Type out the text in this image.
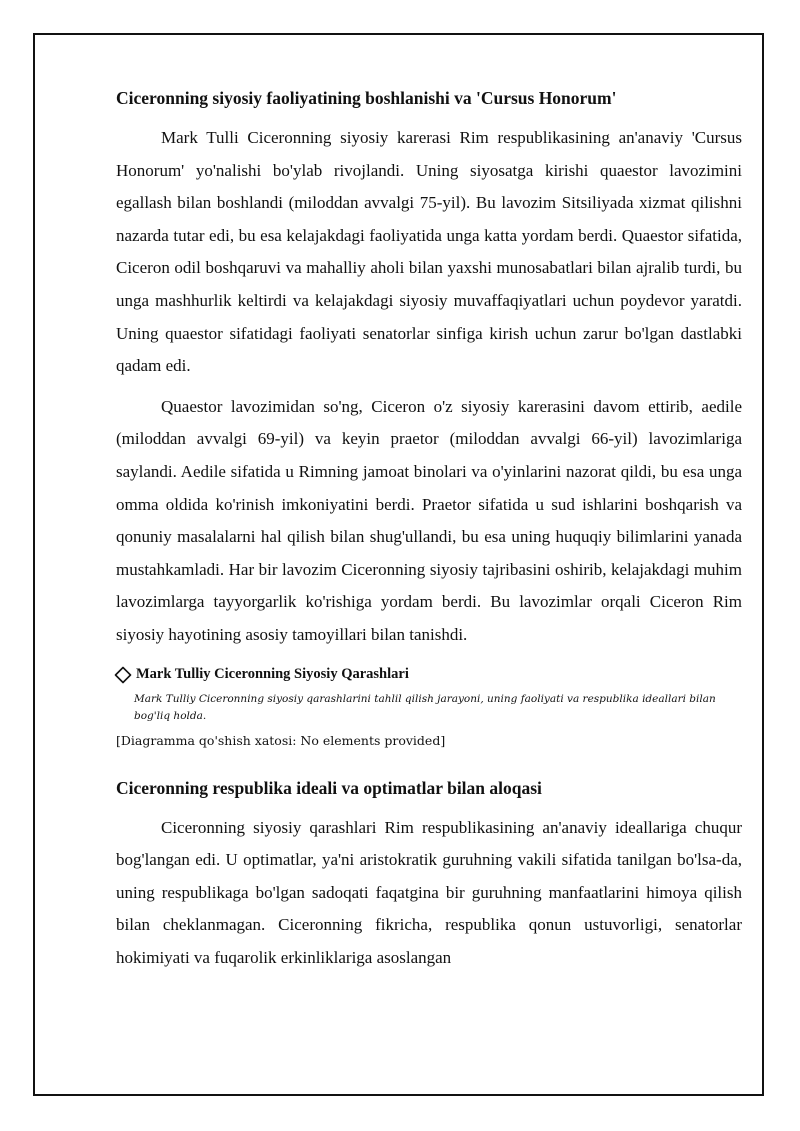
Ciceronning siyosiy faoliyatining boshlanishi va 'Cursus Honorum'

Mark Tulli Ciceronning siyosiy karerasi Rim respublikasining an'anaviy 'Cursus Honorum' yo'nalishi bo'ylab rivojlandi. Uning siyosatga kirishi quaestor lavozimini egallash bilan boshlandi (miloddan avvalgi 75-yil). Bu lavozim Sitsiliyada xizmat qilishni nazarda tutar edi, bu esa kelajakdagi faoliyatida unga katta yordam berdi. Quaestor sifatida, Ciceron odil boshqaruvi va mahalliy aholi bilan yaxshi munosabatlari bilan ajralib turdi, bu unga mashhurlik keltirdi va kelajakdagi siyosiy muvaffaqiyatlari uchun poydevor yaratdi. Uning quaestor sifatidagi faoliyati senatorlar sinfiga kirish uchun zarur bo'lgan dastlabki qadam edi.

Quaestor lavozimidan so'ng, Ciceron o'z siyosiy karerasini davom ettirib, aedile (miloddan avvalgi 69-yil) va keyin praetor (miloddan avvalgi 66-yil) lavozimlariga saylandi. Aedile sifatida u Rimning jamoat binolari va o'yinlarini nazorat qildi, bu esa unga omma oldida ko'rinish imkoniyatini berdi. Praetor sifatida u sud ishlarini boshqarish va qonuniy masalalarni hal qilish bilan shug'ullandi, bu esa uning huquqiy bilimlarini yanada mustahkamladi. Har bir lavozim Ciceronning siyosiy tajribasini oshirib, kelajakdagi muhim lavozimlarga tayyorgarlik ko'rishiga yordam berdi. Bu lavozimlar orqali Ciceron Rim siyosiy hayotining asosiy tamoyillari bilan tanishdi.

Mark Tulliy Ciceronning Siyosiy Qarashlari
Mark Tulliy Ciceronning siyosiy qarashlarini tahlil qilish jarayoni, uning faoliyati va respublika ideallari bilan bog'liq holda.
[Diagramma qo'shish xatosi: No elements provided]
Ciceronning respublika ideali va optimatlar bilan aloqasi

Ciceronning siyosiy qarashlari Rim respublikasining an'anaviy ideallariga chuqur bog'langan edi. U optimatlar, ya'ni aristokratik guruhning vakili sifatida tanilgan bo'lsa-da, uning respublikaga bo'lgan sadoqati faqatgina bir guruhning manfaatlarini himoya qilish bilan cheklanmagan. Ciceronning fikricha, respublika qonun ustuvorligi, senatorlar hokimiyati va fuqarolik erkinliklariga asoslangan
